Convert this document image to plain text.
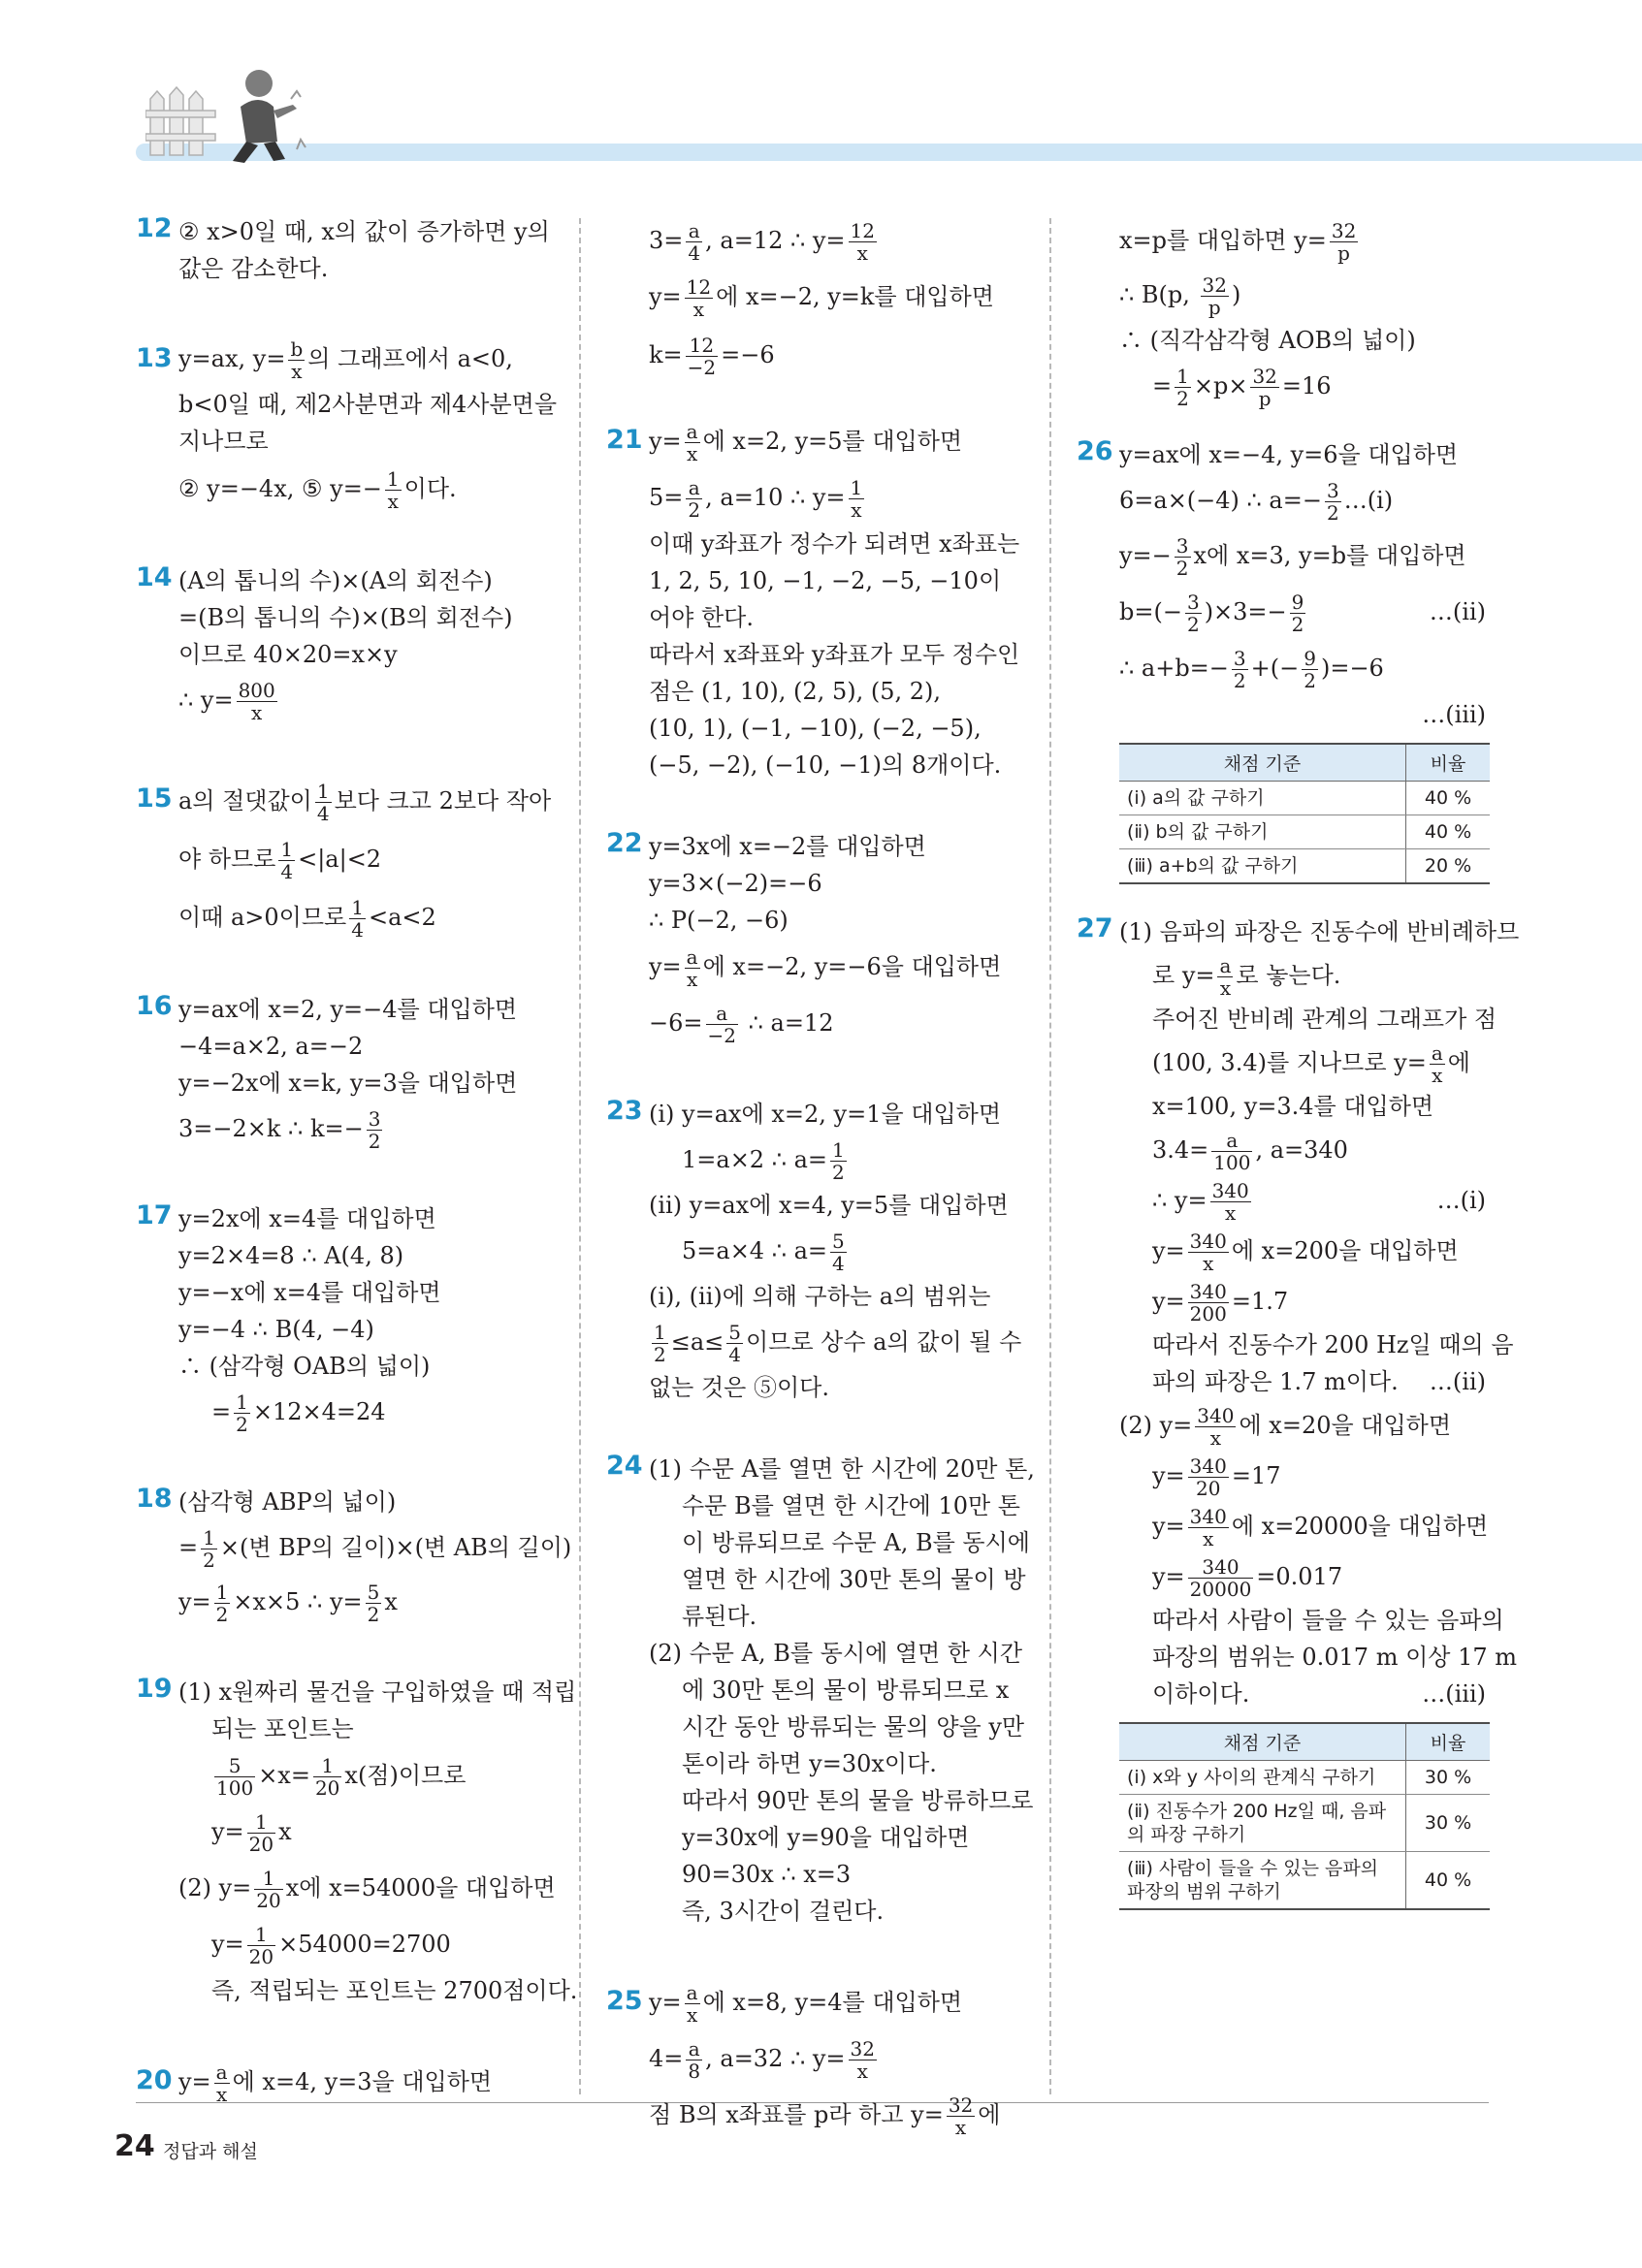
12 ② x>0일 때, x의 값이 증가하면 y의
값은 감소한다.
13 y=ax, $y= \frac{b}{x}$ 의 그래프에서 a<0,
b<0일 때, 제2사분면과 제4사분면을
지나므로
② y=−4x, ⑤ $y=- \frac{1}{x}$ 이다.
14 (A의 톱니의 수)×(A의 회전수)
=(B의 톱니의 수)×(B의 회전수)
이므로 40×20=x×y
∴ $y= \frac{800}{x}$
15 a의 절댓값이 $\frac{1}{4}$ 보다 크고 2보다 작아
야 하므로 $\frac{1}{4} <|a|<2$
이때 a>0이므로 $\frac{1}{4} <a<2$
16 y=ax에 x=2, y=−4를 대입하면
−4=a×2, a=−2
y=−2x에 x=k, y=3을 대입하면
3=−2×k ∴ $k=- \frac{3}{2}$
17 y=2x에 x=4를 대입하면
y=2×4=8 ∴ A(4, 8)
y=−x에 x=4를 대입하면
y=−4 ∴ B(4, −4)
∴ (삼각형 OAB의 넓이)
= $\frac{1}{2} \times 12\times 4=24$
18 (삼각형 ABP의 넓이)
= $\frac{1}{2}$ ×(변 BP의 길이)×(변 AB의 길이)
$y= \frac{1}{2} \times x\times 5$ ∴ $y= \frac{5}{2}$ x
19 (1) x원짜리 물건을 구입하였을 때 적립
되는 포인트는
$\frac{5}{100} \times x= \frac{1}{20} x$(점)이므로
$y= \frac{1}{20}$ x
(2) $y= \frac{1}{20}$ x에 x=54000을 대입하면
$y= \frac{1}{20} \times 54000=2700$
즉, 적립되는 포인트는 2700점이다.
20 $y= \frac{a}{x}$ 에 x=4, y=3을 대입하면
$3= \frac{a}{4}$ , a=12 ∴ $y= \frac{12}{x}$
$y= \frac{12}{x}$ 에 x=−2, y=k를 대입하면
$k= \frac{12}{-2} =-6$
21 $y= \frac{a}{x}$ 에 x=2, y=5를 대입하면
$5= \frac{a}{2}$ , a=10 ∴ $y= \frac{1}{x}$
이때 y좌표가 정수가 되려면 x좌표는
1, 2, 5, 10, −1, −2, −5, −10이
어야 한다.
따라서 x좌표와 y좌표가 모두 정수인
점은 (1, 10), (2, 5), (5, 2),
(10, 1), (−1, −10), (−2, −5),
(−5, −2), (−10, −1)의 8개이다.
22 y=3x에 x=−2를 대입하면
y=3×(−2)=−6
∴ P(−2, −6)
$y= \frac{a}{x}$ 에 x=−2, y=−6을 대입하면
$-6= \frac{a}{-2}$ ∴ a=12
23 (ⅰ) y=ax에 x=2, y=1을 대입하면
1=a×2 ∴ $a= \frac{1}{2}$
(ⅱ) y=ax에 x=4, y=5를 대입하면
5=a×4 ∴ $a= \frac{5}{4}$
(ⅰ), (ⅱ)에 의해 구하는 a의 범위는
$\frac{1}{2} \le a\le \frac{5}{4}$ 이므로 상수 a의 값이 될 수
없는 것은 ⑤이다.
24 (1) 수문 A를 열면 한 시간에 20만 톤,
수문 B를 열면 한 시간에 10만 톤
이 방류되므로 수문 A, B를 동시에
열면 한 시간에 30만 톤의 물이 방
류된다.
(2) 수문 A, B를 동시에 열면 한 시간
에 30만 톤의 물이 방류되므로 x
시간 동안 방류되는 물의 양을 y만
톤이라 하면 y=30x이다.
따라서 90만 톤의 물을 방류하므로
y=30x에 y=90을 대입하면
90=30x ∴ x=3
즉, 3시간이 걸린다.
25 $y= \frac{a}{x}$ 에 x=8, y=4를 대입하면
$4= \frac{a}{8}$ , a=32 ∴ $y= \frac{32}{x}$
점 B의 x좌표를 p라 하고 $y= \frac{32}{x}$ 에
x=p를 대입하면 $y= \frac{32}{p}$
∴ B(p, $\frac{32}{p}$ )
∴ (직각삼각형 AOB의 넓이)
= $\frac{1}{2} \times p\times \frac{32}{p} =16$
26 y=ax에 x=−4, y=6을 대입하면
6=a×(−4) ∴ $a=- \frac{3}{2}$ …(ⅰ)
$y=- \frac{3}{2}$ x에 x=3, y=b를 대입하면
$b=(- \frac{3}{2} )\times 3=- \frac{9}{2}$	…(ⅱ)
∴ $a+b=- \frac{3}{2}$ +(− $\frac{9}{2} )=-6$
…(ⅲ)
채점 기준	비율
(ⅰ) a의 값 구하기	40 %
(ⅱ) b의 값 구하기	40 %
(ⅲ) a+b의 값 구하기	20 %
27 (1) 음파의 파장은 진동수에 반비례하므
로 $y= \frac{a}{x}$ 로 놓는다.
주어진 반비례 관계의 그래프가 점
(100, 3.4)를 지나므로 $y= \frac{a}{x}$ 에
x=100, y=3.4를 대입하면
$3.4= \frac{a}{100}$ , a=340
∴ $y= \frac{340}{x}$	…(ⅰ)
$y= \frac{340}{x}$ 에 x=200을 대입하면
$y= \frac{340}{200} =1.7$
따라서 진동수가 200 Hz일 때의 음
파의 파장은 1.7 m이다. …(ⅱ)
(2) $y= \frac{340}{x}$ 에 x=20을 대입하면
$y= \frac{340}{20} =17$
$y= \frac{340}{x}$ 에 x=20000을 대입하면
$y= \frac{340}{20000} =0.017$
따라서 사람이 들을 수 있는 음파의
파장의 범위는 0.017 m 이상 17 m
이하이다.	…(ⅲ)
채점 기준	비율
(ⅰ) x와 y 사이의 관계식 구하기	30 %
(ⅱ) 진동수가 200 Hz일 때, 음파의 파장 구하기	30 %
(ⅲ) 사람이 들을 수 있는 음파의 파장의 범위 구하기	40 %
24 정답과 해설
